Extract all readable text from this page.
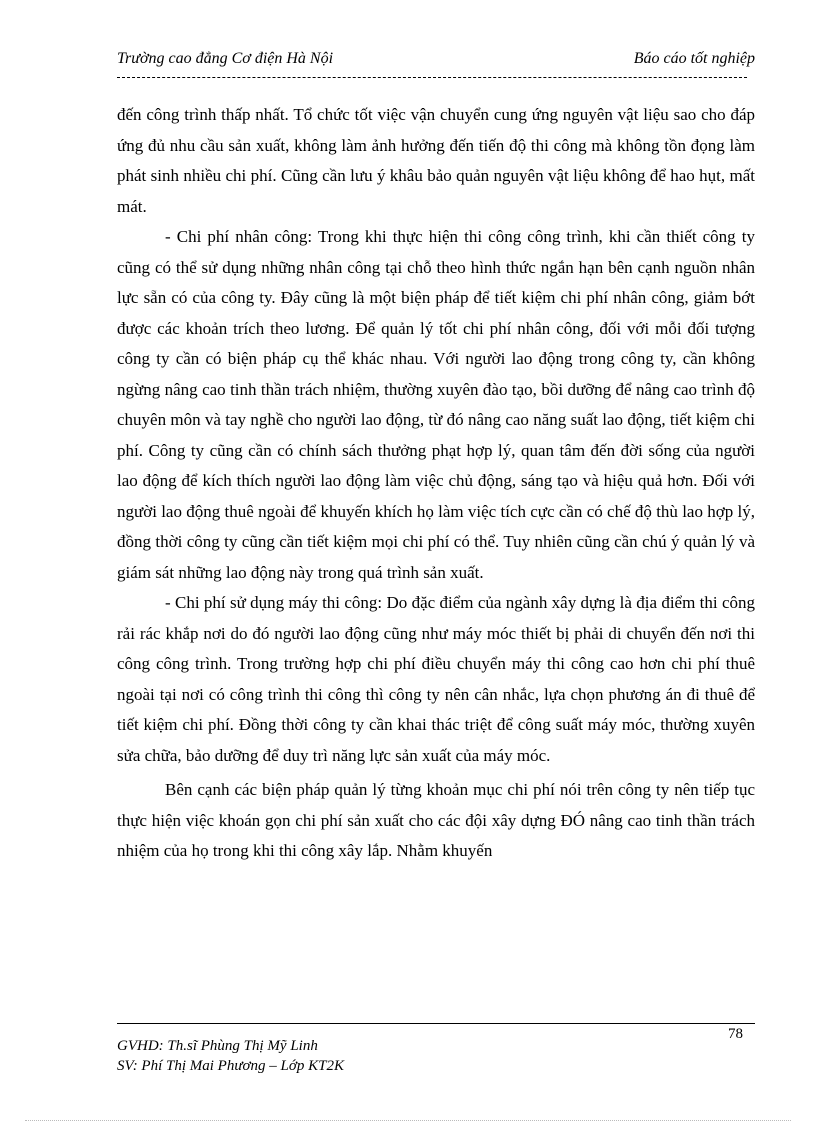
Trường cao đẳng Cơ điện Hà Nội	Báo cáo tốt nghiệp

đến công trình thấp nhất. Tổ chức tốt việc vận chuyển cung ứng nguyên vật liệu sao cho đáp ứng đủ nhu cầu sản xuất, không làm ảnh hưởng đến tiến độ thi công mà không tồn đọng làm phát sinh nhiều chi phí. Cũng cần lưu ý khâu bảo quản nguyên vật liệu không để hao hụt, mất mát.

- Chi phí nhân công: Trong khi thực hiện thi công công trình, khi cần thiết công ty cũng có thể sử dụng những nhân công tại chỗ theo hình thức ngắn hạn bên cạnh nguồn nhân lực sẵn có của công ty. Đây cũng là một biện pháp để tiết kiệm chi phí nhân công, giảm bớt được các khoản trích theo lương. Để quản lý tốt chi phí nhân công, đối với mỗi đối tượng công ty cần có biện pháp cụ thể khác nhau. Với người lao động trong công ty, cần không ngừng nâng cao tinh thần trách nhiệm, thường xuyên đào tạo, bồi dưỡng để nâng cao trình độ chuyên môn và tay nghề cho người lao động, từ đó nâng cao năng suất lao động, tiết kiệm chi phí. Công ty cũng cần có chính sách thưởng phạt hợp lý, quan tâm đến đời sống của người lao động để kích thích người lao động làm việc chủ động, sáng tạo và hiệu quả hơn. Đối với người lao động thuê ngoài để khuyến khích họ làm việc tích cực cần có chế độ thù lao hợp lý, đồng thời công ty cũng cần tiết kiệm mọi chi phí có thể. Tuy nhiên cũng cần chú ý quản lý và giám sát những lao động này trong quá trình sản xuất.

- Chi phí sử dụng máy thi công: Do đặc điểm của ngành xây dựng là địa điểm thi công rải rác khắp nơi do đó người lao động cũng như máy móc thiết bị phải di chuyển đến nơi thi công công trình. Trong trường hợp chi phí điều chuyển máy thi công cao hơn chi phí thuê ngoài tại nơi có công trình thi công thì công ty nên cân nhắc, lựa chọn phương án đi thuê để tiết kiệm chi phí. Đồng thời công ty cần khai thác triệt để công suất máy móc, thường xuyên sửa chữa, bảo dưỡng để duy trì năng lực sản xuất của máy móc.

Bên cạnh các biện pháp quản lý từng khoản mục chi phí nói trên công ty nên tiếp tục thực hiện việc khoán gọn chi phí sản xuất cho các đội xây dựng ĐÓ nâng cao tinh thần trách nhiệm của họ trong khi thi công xây lắp. Nhằm khuyến

78
GVHD: Th.sĩ Phùng Thị Mỹ Linh
SV: Phí Thị Mai Phương – Lớp KT2K
